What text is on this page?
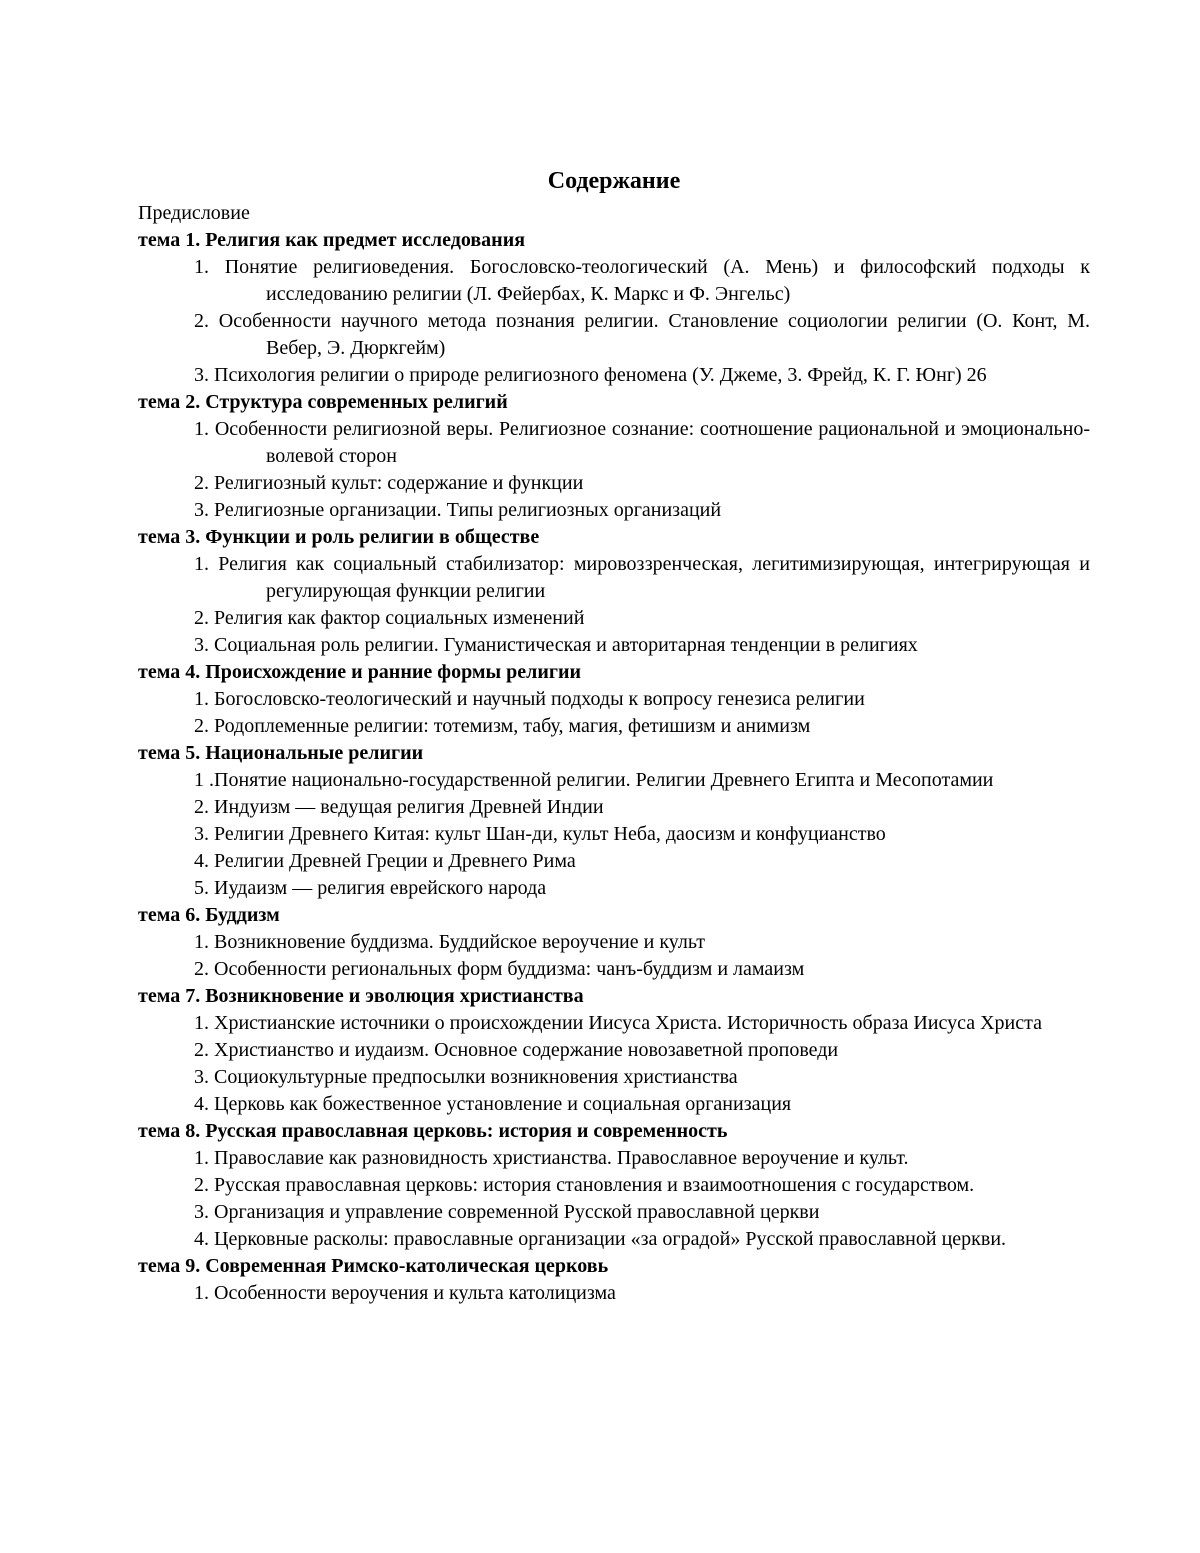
Содержание
Предисловие
тема 1. Религия как предмет исследования
1. Понятие религиоведения. Богословско-теологический (А. Мень) и философский подходы к исследованию религии (Л. Фейербах, К. Маркс и Ф. Энгельс)
2. Особенности научного метода познания религии. Становление социологии религии (О. Конт, М. Вебер, Э. Дюркгейм)
3. Психология религии о природе религиозного феномена (У. Джеме, 3. Фрейд, К. Г. Юнг) 26
тема 2. Структура современных религий
1. Особенности религиозной веры. Религиозное сознание: соотношение рациональной и эмоционально-волевой сторон
2. Религиозный культ: содержание и функции
3. Религиозные организации. Типы религиозных организаций
тема 3. Функции и роль религии в обществе
1. Религия как социальный стабилизатор: мировоззренческая, легитимизирующая, интегрирующая и регулирующая функции религии
2. Религия как фактор социальных изменений
3. Социальная роль религии. Гуманистическая и авторитарная тенденции в религиях
тема 4. Происхождение и ранние формы религии
1. Богословско-теологический и научный подходы к вопросу генезиса религии
2. Родоплеменные религии: тотемизм, табу, магия, фетишизм и анимизм
тема 5. Национальные религии
1 .Понятие национально-государственной религии. Религии Древнего Египта и Месопотамии
2. Индуизм — ведущая религия Древней Индии
3. Религии Древнего Китая: культ Шан-ди, культ Неба, даосизм и конфуцианство
4. Религии Древней Греции и Древнего Рима
5. Иудаизм — религия еврейского народа
тема 6. Буддизм
1. Возникновение буддизма. Буддийское вероучение и культ
2. Особенности региональных форм буддизма: чанъ-буддизм и ламаизм
тема 7. Возникновение и эволюция христианства
1. Христианские источники о происхождении Иисуса Христа. Историчность образа Иисуса Христа
2. Христианство и иудаизм. Основное содержание новозаветной проповеди
3. Социокультурные предпосылки возникновения христианства
4. Церковь как божественное установление и социальная организация
тема 8. Русская православная церковь: история и современность
1. Православие как разновидность христианства. Православное вероучение и культ.
2. Русская православная церковь: история становления и взаимоотношения с государством.
3. Организация и управление современной Русской православной церкви
4. Церковные расколы: православные организации «за оградой» Русской православной церкви.
тема 9. Современная Римско-католическая церковь
1. Особенности вероучения и культа католицизма
